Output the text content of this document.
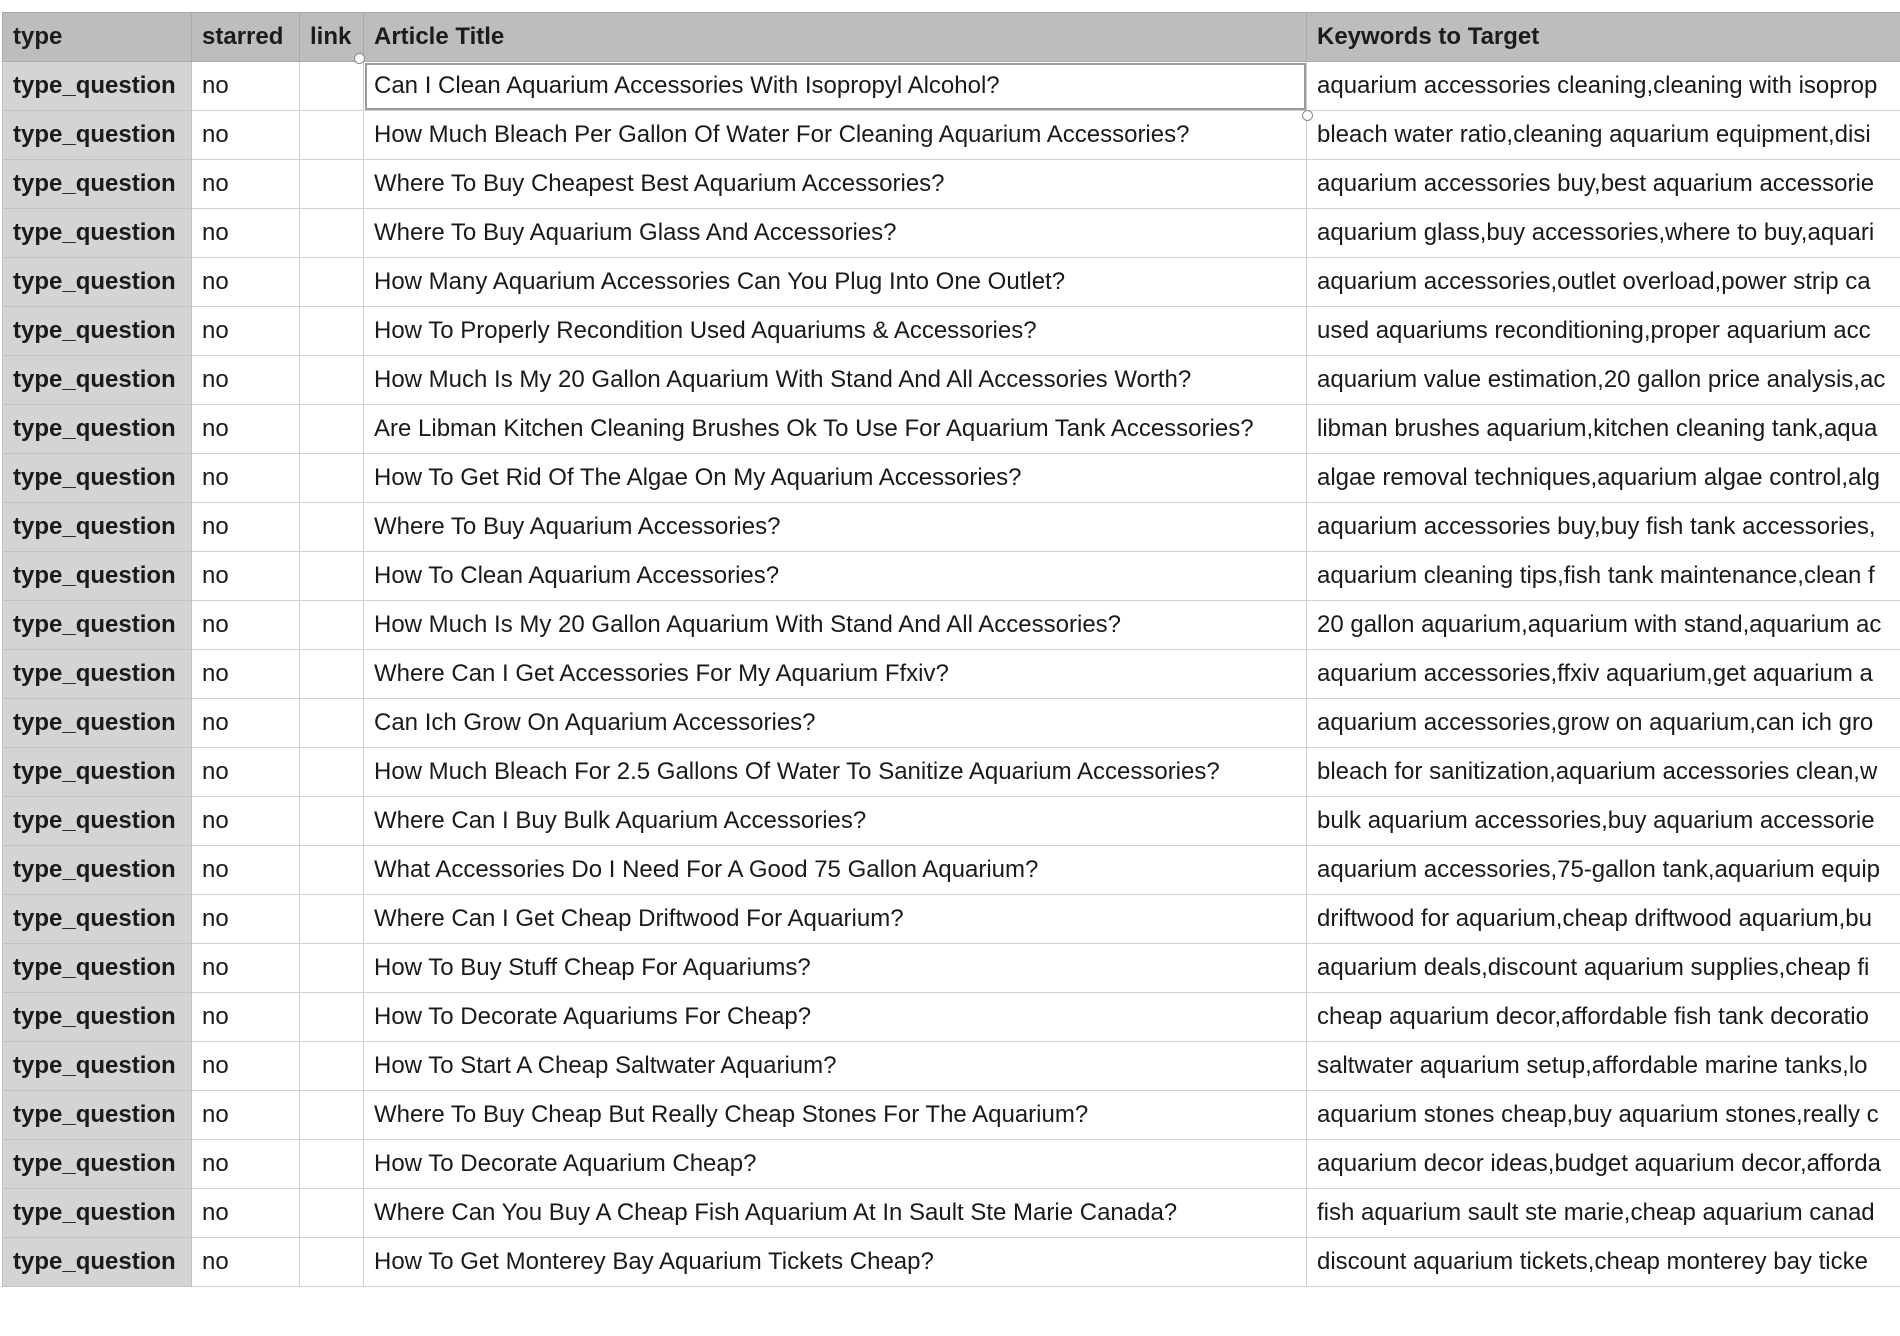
type	starred	link	Article Title	Keywords to Target
type_question	no		Can I Clean Aquarium Accessories With Isopropyl Alcohol?	aquarium accessories cleaning,cleaning with isoprop
type_question	no		How Much Bleach Per Gallon Of Water For Cleaning Aquarium Accessories?	bleach water ratio,cleaning aquarium equipment,disi
type_question	no		Where To Buy Cheapest Best Aquarium Accessories?	aquarium accessories buy,best aquarium accessorie
type_question	no		Where To Buy Aquarium Glass And Accessories?	aquarium glass,buy accessories,where to buy,aquari
type_question	no		How Many Aquarium Accessories Can You Plug Into One Outlet?	aquarium accessories,outlet overload,power strip ca
type_question	no		How To Properly Recondition Used Aquariums & Accessories?	used aquariums reconditioning,proper aquarium acc
type_question	no		How Much Is My 20 Gallon Aquarium With Stand And All Accessories Worth?	aquarium value estimation,20 gallon price analysis,ac
type_question	no		Are Libman Kitchen Cleaning Brushes Ok To Use For Aquarium Tank Accessories?	libman brushes aquarium,kitchen cleaning tank,aqua
type_question	no		How To Get Rid Of The Algae On My Aquarium Accessories?	algae removal techniques,aquarium algae control,alg
type_question	no		Where To Buy Aquarium Accessories?	aquarium accessories buy,buy fish tank accessories,
type_question	no		How To Clean Aquarium Accessories?	aquarium cleaning tips,fish tank maintenance,clean f
type_question	no		How Much Is My 20 Gallon Aquarium With Stand And All Accessories?	20 gallon aquarium,aquarium with stand,aquarium ac
type_question	no		Where Can I Get Accessories For My Aquarium Ffxiv?	aquarium accessories,ffxiv aquarium,get aquarium a
type_question	no		Can Ich Grow On Aquarium Accessories?	aquarium accessories,grow on aquarium,can ich gro
type_question	no		How Much Bleach For 2.5 Gallons Of Water To Sanitize Aquarium Accessories?	bleach for sanitization,aquarium accessories clean,w
type_question	no		Where Can I Buy Bulk Aquarium Accessories?	bulk aquarium accessories,buy aquarium accessorie
type_question	no		What Accessories Do I Need For A Good 75 Gallon Aquarium?	aquarium accessories,75-gallon tank,aquarium equip
type_question	no		Where Can I Get Cheap Driftwood For Aquarium?	driftwood for aquarium,cheap driftwood aquarium,bu
type_question	no		How To Buy Stuff Cheap For Aquariums?	aquarium deals,discount aquarium supplies,cheap fi
type_question	no		How To Decorate Aquariums For Cheap?	cheap aquarium decor,affordable fish tank decoratio
type_question	no		How To Start A Cheap Saltwater Aquarium?	saltwater aquarium setup,affordable marine tanks,lo
type_question	no		Where To Buy Cheap But Really Cheap Stones For The Aquarium?	aquarium stones cheap,buy aquarium stones,really c
type_question	no		How To Decorate Aquarium Cheap?	aquarium decor ideas,budget aquarium decor,afforda
type_question	no		Where Can You Buy A Cheap Fish Aquarium At In Sault Ste Marie Canada?	fish aquarium sault ste marie,cheap aquarium canad
type_question	no		How To Get Monterey Bay Aquarium Tickets Cheap?	discount aquarium tickets,cheap monterey bay ticke
